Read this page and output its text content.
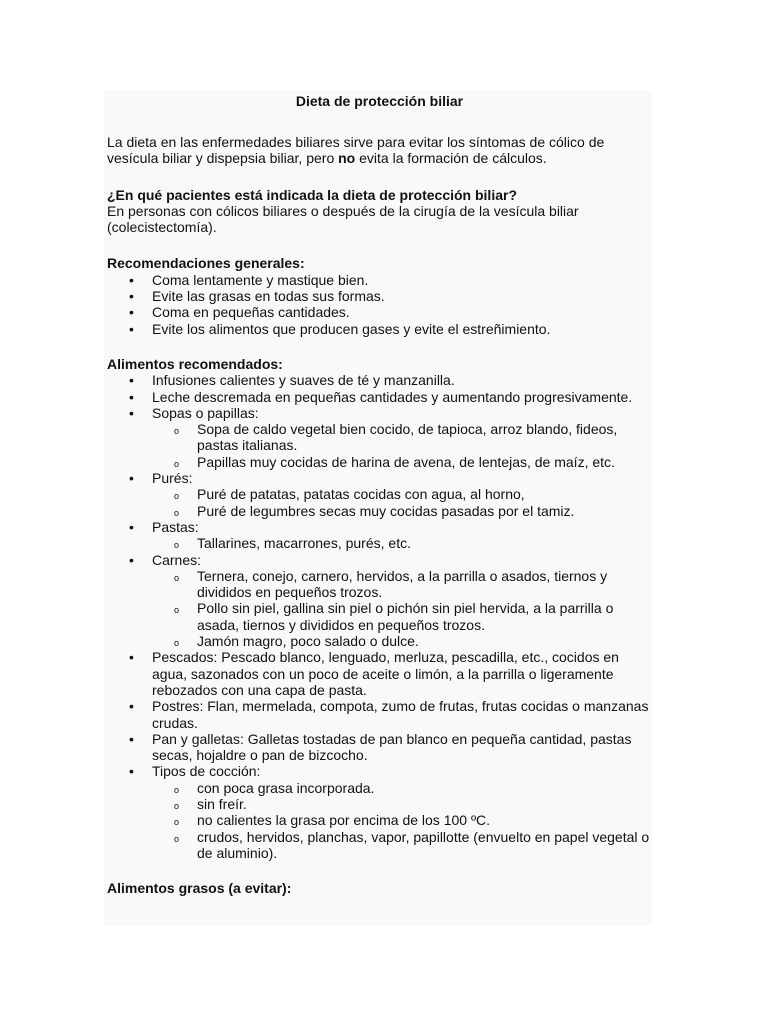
Dieta de protección biliar

La dieta en las enfermedades biliares sirve para evitar los síntomas de cólico de vesícula biliar y dispepsia biliar, pero no evita la formación de cálculos.

¿En qué pacientes está indicada la dieta de protección biliar?

En personas con cólicos biliares o después de la cirugía de la vesícula biliar (colecistectomía).

Recomendaciones generales:
• Coma lentamente y mastique bien.
• Evite las grasas en todas sus formas.
• Coma en pequeñas cantidades.
• Evite los alimentos que producen gases y evite el estreñimiento.
Alimentos recomendados:
• Infusiones calientes y suaves de té y manzanilla.
• Leche descremada en pequeñas cantidades y aumentando progresivamente.
• Sopas o papillas:
o Sopa de caldo vegetal bien cocido, de tapioca, arroz blando, fideos, pastas italianas.
o Papillas muy cocidas de harina de avena, de lentejas, de maíz, etc.
• Purés:
o Puré de patatas, patatas cocidas con agua, al horno,
o Puré de legumbres secas muy cocidas pasadas por el tamiz.
• Pastas:
o Tallarines, macarrones, purés, etc.
• Carnes:
o Ternera, conejo, carnero, hervidos, a la parrilla o asados, tiernos y divididos en pequeños trozos.
o Pollo sin piel, gallina sin piel o pichón sin piel hervida, a la parrilla o asada, tiernos y divididos en pequeños trozos.
o Jamón magro, poco salado o dulce.
• Pescados: Pescado blanco, lenguado, merluza, pescadilla, etc., cocidos en agua, sazonados con un poco de aceite o limón, a la parrilla o ligeramente rebozados con una capa de pasta.
• Postres: Flan, mermelada, compota, zumo de frutas, frutas cocidas o manzanas crudas.
• Pan y galletas: Galletas tostadas de pan blanco en pequeña cantidad, pastas secas, hojaldre o pan de bizcocho.
• Tipos de cocción:
o con poca grasa incorporada.
o sin freír.
o no calientes la grasa por encima de los 100 ºC.
o crudos, hervidos, planchas, vapor, papillotte (envuelto en papel vegetal o de aluminio).
Alimentos grasos (a evitar):
